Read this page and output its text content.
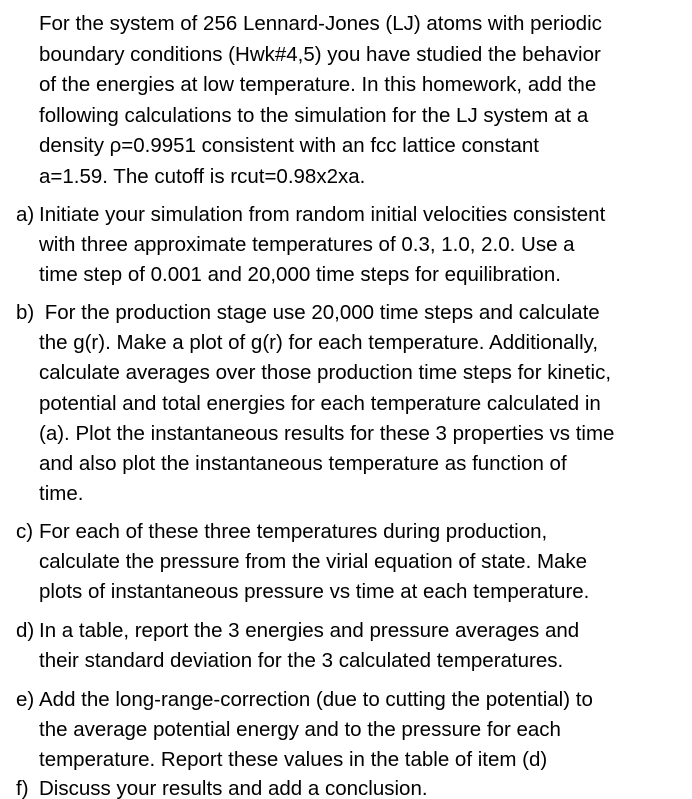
For the system of 256 Lennard-Jones (LJ) atoms with periodic
boundary conditions (Hwk#4,5) you have studied the behavior
of the energies at low temperature. In this homework, add the
following calculations to the simulation for the LJ system at a
density ρ=0.9951 consistent with an fcc lattice constant
a=1.59. The cutoff is rcut=0.98x2xa.
a) Initiate your simulation from random initial velocities consistent
with three approximate temperatures of 0.3, 1.0, 2.0. Use a
time step of 0.001 and 20,000 time steps for equilibration.
b) For the production stage use 20,000 time steps and calculate
the g(r). Make a plot of g(r) for each temperature. Additionally,
calculate averages over those production time steps for kinetic,
potential and total energies for each temperature calculated in
(a). Plot the instantaneous results for these 3 properties vs time
and also plot the instantaneous temperature as function of
time.
c) For each of these three temperatures during production,
calculate the pressure from the virial equation of state. Make
plots of instantaneous pressure vs time at each temperature.
d) In a table, report the 3 energies and pressure averages and
their standard deviation for the 3 calculated temperatures.
e) Add the long-range-correction (due to cutting the potential) to
the average potential energy and to the pressure for each
temperature. Report these values in the table of item (d)
f) Discuss your results and add a conclusion.
